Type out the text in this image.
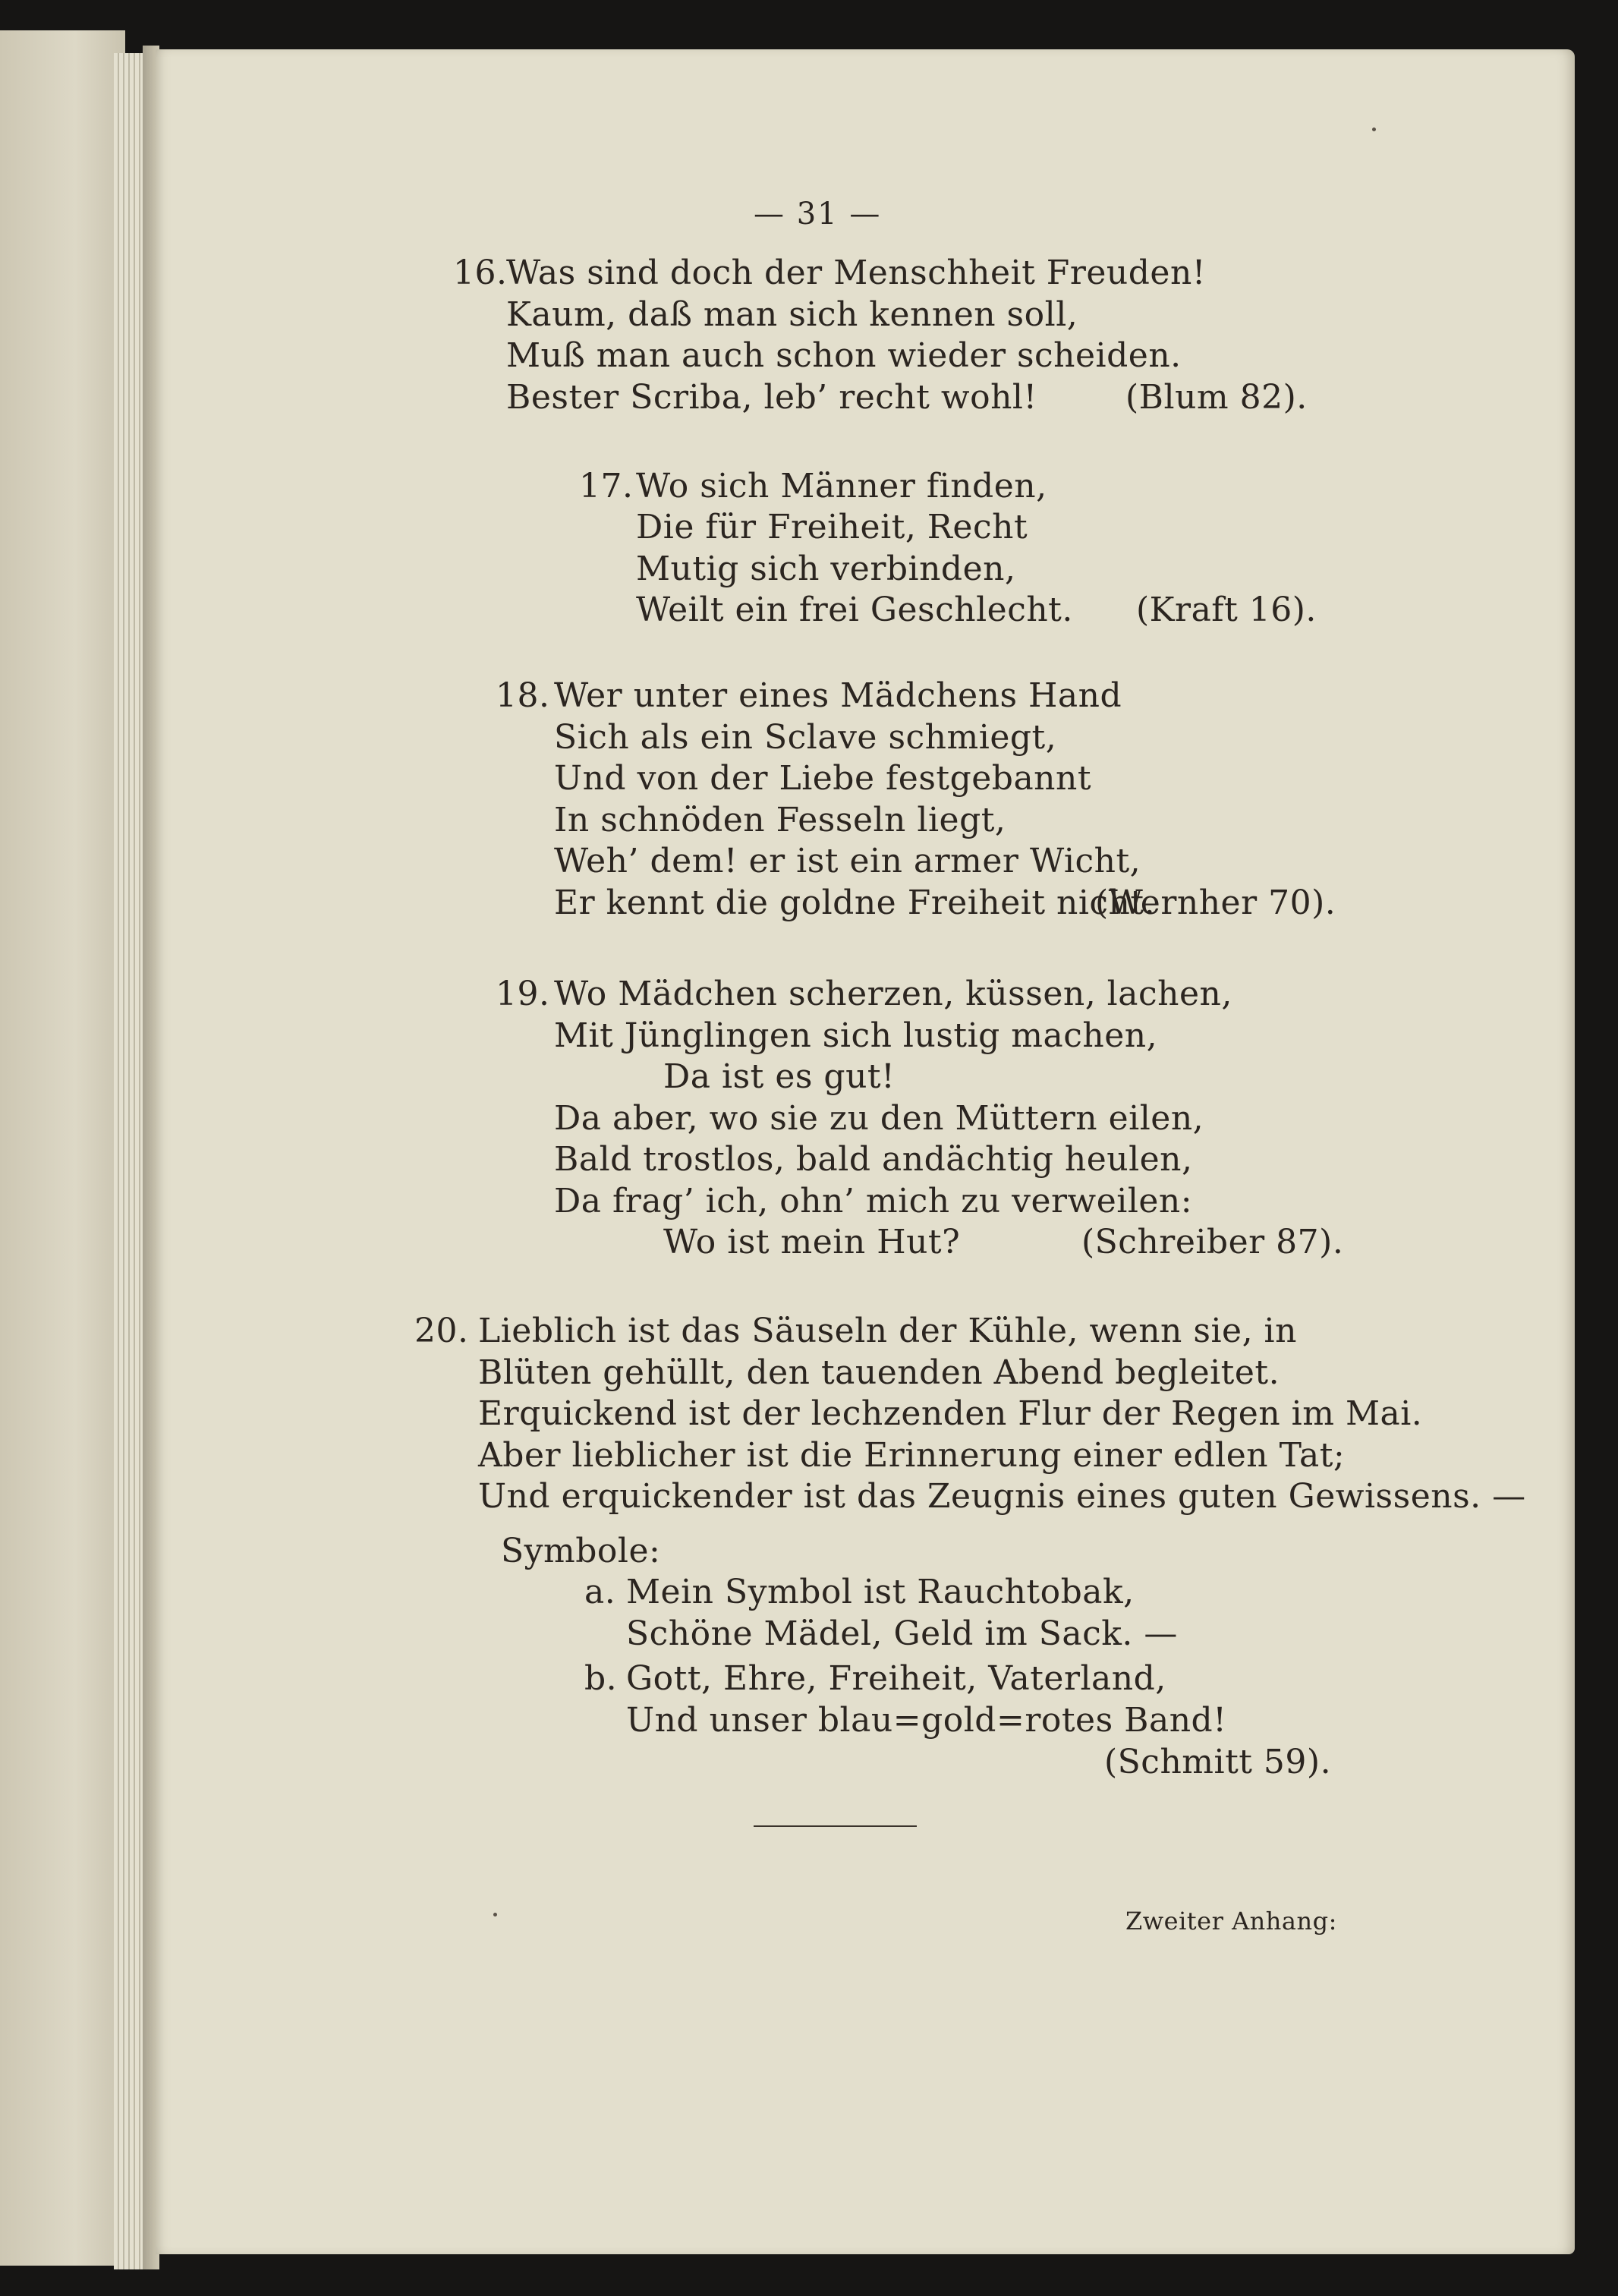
— 31 —
16.
Was sind doch der Menschheit Freuden!
Kaum, daß man sich kennen soll,
Muß man auch schon wieder scheiden.
Bester Scriba, leb’ recht wohl!	(Blum 82).
17. Wo sich Männer finden,
Die für Freiheit, Recht
Mutig sich verbinden,
Weilt ein frei Geschlecht. (Kraft 16).
18. Wer unter eines Mädchens Hand
Sich als ein Sclave schmiegt,
Und von der Liebe festgebannt
In schnöden Fesseln liegt,
Weh’ dem! er ist ein armer Wicht,
Er kennt die goldne Freiheit nicht.
(Wernher 70).
19. Wo Mädchen scherzen, küssen, lachen,
Mit Jünglingen sich lustig machen,
Da ist es gut!
Da aber, wo sie zu den Müttern eilen,
Bald trostlos, bald andächtig heulen,
Da frag’ ich, ohn’ mich zu verweilen:
Wo ist mein Hut?	(Schreiber 87).
20. Lieblich ist das Säuseln der Kühle, wenn sie, in
Blüten gehüllt, den tauenden Abend begleitet.
Erquickend ist der lechzenden Flur der Regen im Mai.
Aber lieblicher ist die Erinnerung einer edlen Tat;
Und erquickender ist das Zeugnis eines guten Gewissens. —
Symbole:
a. Mein Symbol ist Rauchtobak,
Schöne Mädel, Geld im Sack. —
b. Gott, Ehre, Freiheit, Vaterland,
Und unser blau=gold=rotes Band!
(Schmitt 59).
Zweiter Anhang:
